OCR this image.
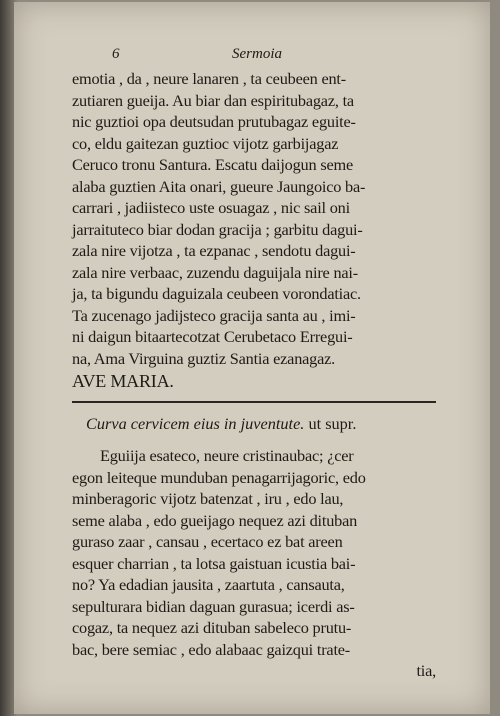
6	Sermoia
emotia , da , neure lanaren , ta ceubeen ent-
zutiaren gueija. Au biar dan espiritubagaz, ta
nic guztioi opa deutsudan prutubagaz eguite-
co, eldu gaitezan guztioc vijotz garbijagaz
Ceruco tronu Santura. Escatu daijogun seme
alaba guztien Aita onari, gueure Jaungoico ba-
carrari , jadiisteco uste osuagaz , nic sail oni
jarraituteco biar dodan gracija ; garbitu dagui-
zala nire vijotza , ta ezpanac , sendotu dagui-
zala nire verbaac, zuzendu daguijala nire nai-
ja, ta bigundu daguizala ceubeen vorondatiac.
Ta zucenago jadijsteco gracija santa au , imi-
ni daigun bitaartecotzat Cerubetaco Erregui-
na, Ama Virguina guztiz Santia ezanagaz.
AVE MARIA.
Curva cervicem eius in juventute. ut supr.
Eguiija esateco, neure cristinaubac; ¿cer
egon leiteque munduban penagarrijagoric, edo
minberagoric vijotz batenzat , iru , edo lau,
seme alaba , edo gueijago nequez azi dituban
guraso zaar , cansau , ecertaco ez bat areen
esquer charrian , ta lotsa gaistuan icustia bai-
no? Ya edadian jausita , zaartuta , cansauta,
sepulturara bidian daguan gurasua; icerdi as-
cogaz, ta nequez azi dituban sabeleco prutu-
bac, bere semiac , edo alabaac gaizqui trate-
tia,
